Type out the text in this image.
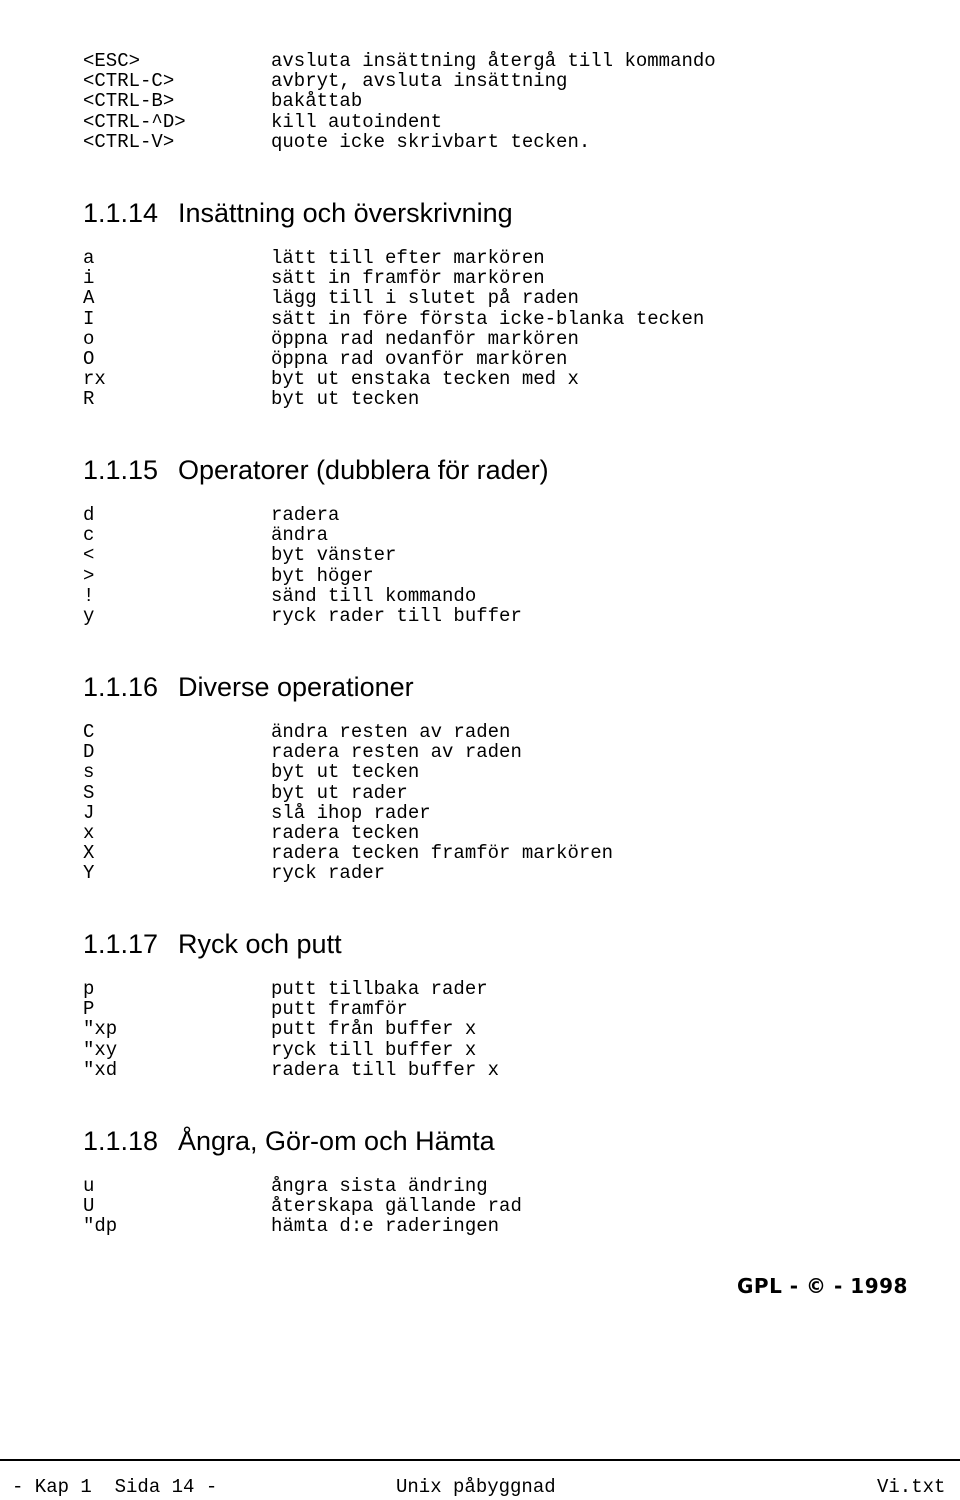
<ESC>	avsluta insättning återgå till kommando
<CTRL-C>	avbryt, avsluta insättning
<CTRL-B>	bakåttab
<CTRL-^D>	kill autoindent
<CTRL-V>	quote icke skrivbart tecken.
1.1.14 Insättning och överskrivning
a	lätt till efter markören
i	sätt in framför markören
A	lägg till i slutet på raden
I	sätt in före första icke-blanka tecken
o	öppna rad nedanför markören
O	öppna rad ovanför markören
rx	byt ut enstaka tecken med x
R	byt ut tecken
1.1.15 Operatorer (dubblera för rader)
d	radera
c	ändra
<	byt vänster
>	byt höger
!	sänd till kommando
y	ryck rader till buffer
1.1.16 Diverse operationer
C	ändra resten av raden
D	radera resten av raden
s	byt ut tecken
S	byt ut rader
J	slå ihop rader
x	radera tecken
X	radera tecken framför markören
Y	ryck rader
1.1.17 Ryck och putt
p	putt tillbaka rader
P	putt framför
"xp	putt från buffer x
"xy	ryck till buffer x
"xd	radera till buffer x
1.1.18 Ångra, Gör-om och Hämta
u	ångra sista ändring
U	återskapa gällande rad
"dp	hämta d:e raderingen
GPL - © - 1998
- Kap 1  Sida 14 -	Unix påbyggnad	Vi.txt
